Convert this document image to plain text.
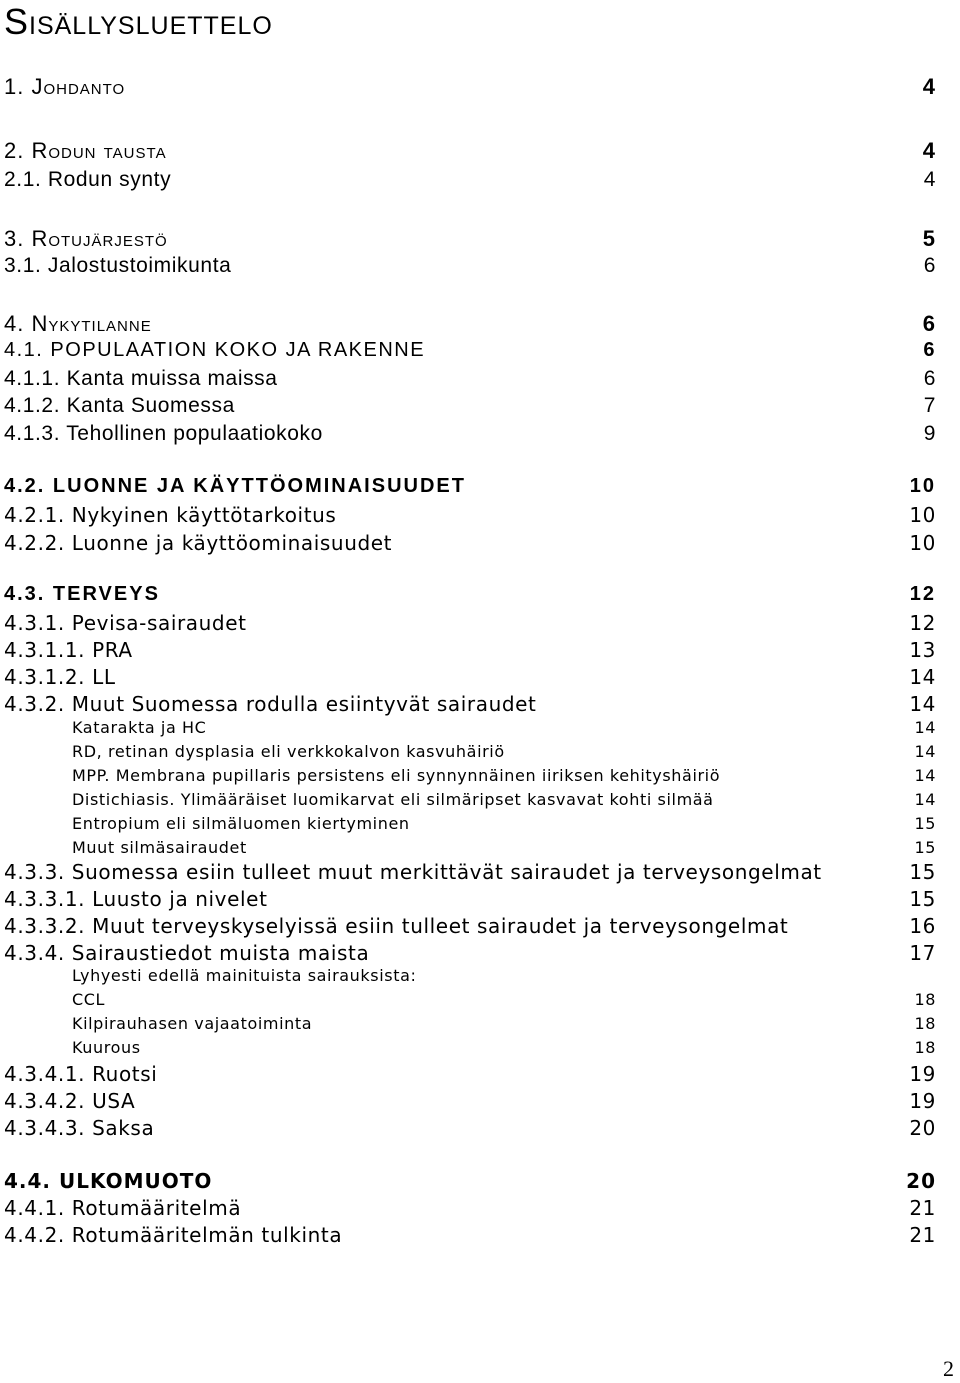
Sisällysluettelo
1. Johdanto	4
2. Rodun tausta	4
2.1. Rodun synty	4
3. Rotujärjestö	5
3.1. Jalostustoimikunta	6
4. Nykytilanne	6
4.1. POPULAATION KOKO JA RAKENNE	6
4.1.1. Kanta muissa maissa	6
4.1.2. Kanta Suomessa	7
4.1.3. Tehollinen populaatiokoko	9
4.2. LUONNE JA KÄYTTÖOMINAISUUDET	10
4.2.1. Nykyinen käyttötarkoitus	10
4.2.2. Luonne ja käyttöominaisuudet	10
4.3. TERVEYS	12
4.3.1. Pevisa-sairaudet	12
4.3.1.1. PRA	13
4.3.1.2. LL	14
4.3.2. Muut Suomessa rodulla esiintyvät sairaudet	14
Katarakta ja HC	14
RD, retinan dysplasia eli verkkokalvon kasvuhäiriö	14
MPP. Membrana pupillaris persistens eli synnynnäinen iiriksen kehityshäiriö	14
Distichiasis. Ylimääräiset luomikarvat eli silmäripset kasvavat kohti silmää	14
Entropium eli silmäluomen kiertyminen	15
Muut silmäsairaudet	15
4.3.3. Suomessa esiin tulleet muut merkittävät sairaudet ja terveysongelmat	15
4.3.3.1. Luusto ja nivelet	15
4.3.3.2. Muut terveyskyselyissä esiin tulleet sairaudet ja terveysongelmat	16
4.3.4. Sairaustiedot muista maista	17
Lyhyesti edellä mainituista sairauksista:
CCL	18
Kilpirauhasen vajaatoiminta	18
Kuurous	18
4.3.4.1. Ruotsi	19
4.3.4.2. USA	19
4.3.4.3. Saksa	20
4.4. ULKOMUOTO	20
4.4.1. Rotumääritelmä	21
4.4.2. Rotumääritelmän tulkinta	21
2
